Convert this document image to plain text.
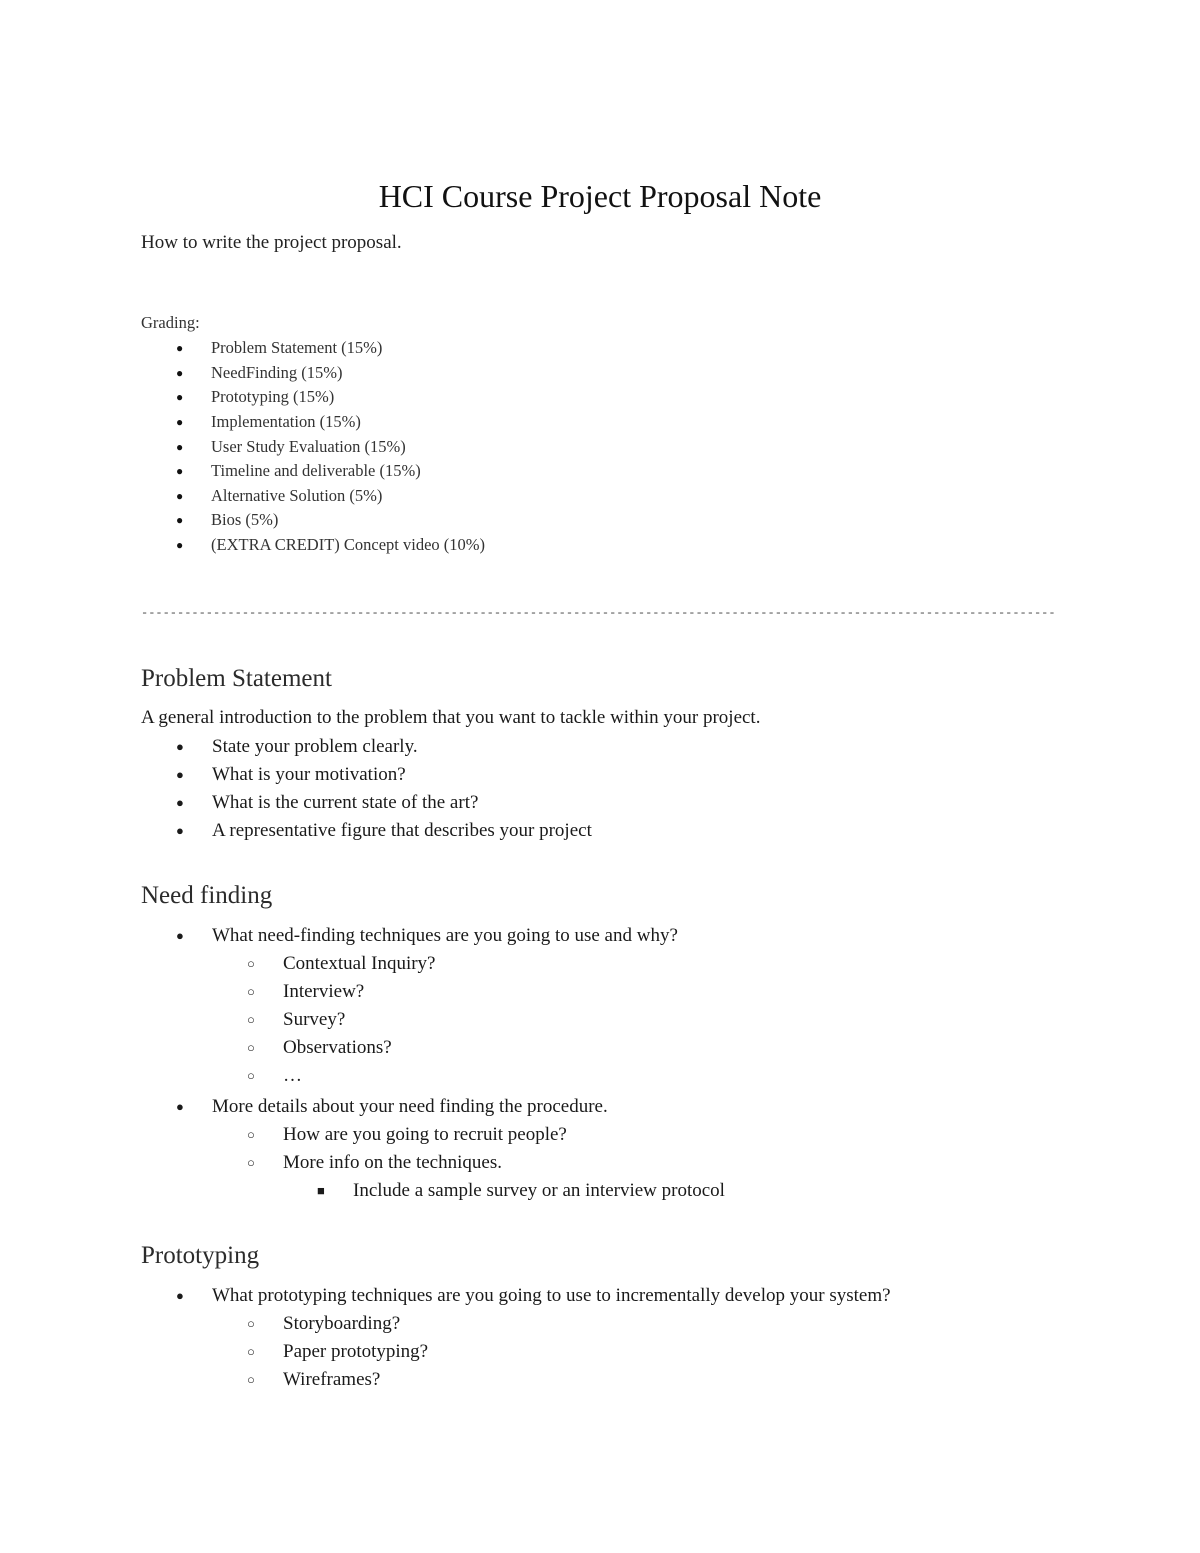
HCI Course Project Proposal Note
How to write the project proposal.
Grading:
●	Problem Statement (15%)
●	NeedFinding (15%)
●	Prototyping (15%)
●	Implementation (15%)
●	User Study Evaluation (15%)
●	Timeline and deliverable (15%)
●	Alternative Solution (5%)
●	Bios (5%)
●	(EXTRA CREDIT) Concept video (10%)
-------------------------------------------------------------------------------------------------------------------------------
Problem Statement
A general introduction to the problem that you want to tackle within your project.
●	State your problem clearly.
●	What is your motivation?
●	What is the current state of the art?
●	A representative figure that describes your project
Need finding
●	What need-finding techniques are you going to use and why?
○	Contextual Inquiry?
○	Interview?
○	Survey?
○	Observations?
○	…
●	More details about your need finding the procedure.
○	How are you going to recruit people?
○	More info on the techniques.
■	Include a sample survey or an interview protocol
Prototyping
●	What prototyping techniques are you going to use to incrementally develop your system?
○	Storyboarding?
○	Paper prototyping?
○	Wireframes?
